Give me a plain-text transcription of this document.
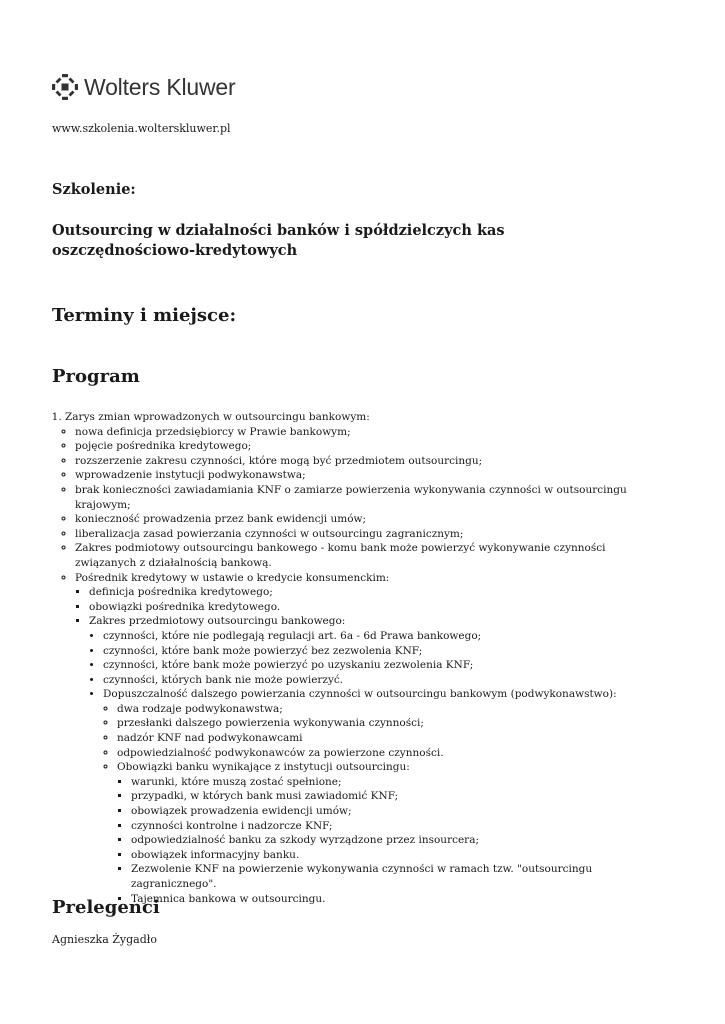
Wolters Kluwer
www.szkolenia.wolterskluwer.pl
Szkolenie:
Outsourcing w działalności banków i spółdzielczych kas oszczędnościowo-kredytowych
Terminy i miejsce:
Program
1. Zarys zmian wprowadzonych w outsourcingu bankowym:
◦ nowa definicja przedsiębiorcy w Prawie bankowym;
◦ pojęcie pośrednika kredytowego;
◦ rozszerzenie zakresu czynności, które mogą być przedmiotem outsourcingu;
◦ wprowadzenie instytucji podwykonawstwa;
◦ brak konieczności zawiadamiania KNF o zamiarze powierzenia wykonywania czynności w outsourcingu krajowym;
◦ konieczność prowadzenia przez bank ewidencji umów;
◦ liberalizacja zasad powierzania czynności w outsourcingu zagranicznym;
◦ Zakres podmiotowy outsourcingu bankowego - komu bank może powierzyć wykonywanie czynności związanych z działalnością bankową.
◦ Pośrednik kredytowy w ustawie o kredycie konsumenckim:
▪ definicja pośrednika kredytowego;
▪ obowiązki pośrednika kredytowego.
▪ Zakres przedmiotowy outsourcingu bankowego:
• czynności, które nie podlegają regulacji art. 6a - 6d Prawa bankowego;
• czynności, które bank może powierzyć bez zezwolenia KNF;
• czynności, które bank może powierzyć po uzyskaniu zezwolenia KNF;
• czynności, których bank nie może powierzyć.
• Dopuszczalność dalszego powierzania czynności w outsourcingu bankowym (podwykonawstwo):
◦ dwa rodzaje podwykonawstwa;
◦ przesłanki dalszego powierzenia wykonywania czynności;
◦ nadzór KNF nad podwykonawcami
◦ odpowiedzialność podwykonawców za powierzone czynności.
◦ Obowiązki banku wynikające z instytucji outsourcingu:
▪ warunki, które muszą zostać spełnione;
▪ przypadki, w których bank musi zawiadomić KNF;
▪ obowiązek prowadzenia ewidencji umów;
▪ czynności kontrolne i nadzorcze KNF;
▪ odpowiedzialność banku za szkody wyrządzone przez insourcera;
▪ obowiązek informacyjny banku.
▪ Zezwolenie KNF na powierzenie wykonywania czynności w ramach tzw. "outsourcingu zagranicznego".
▪ Tajemnica bankowa w outsourcingu.
Prelegenci
Agnieszka Żygadło
